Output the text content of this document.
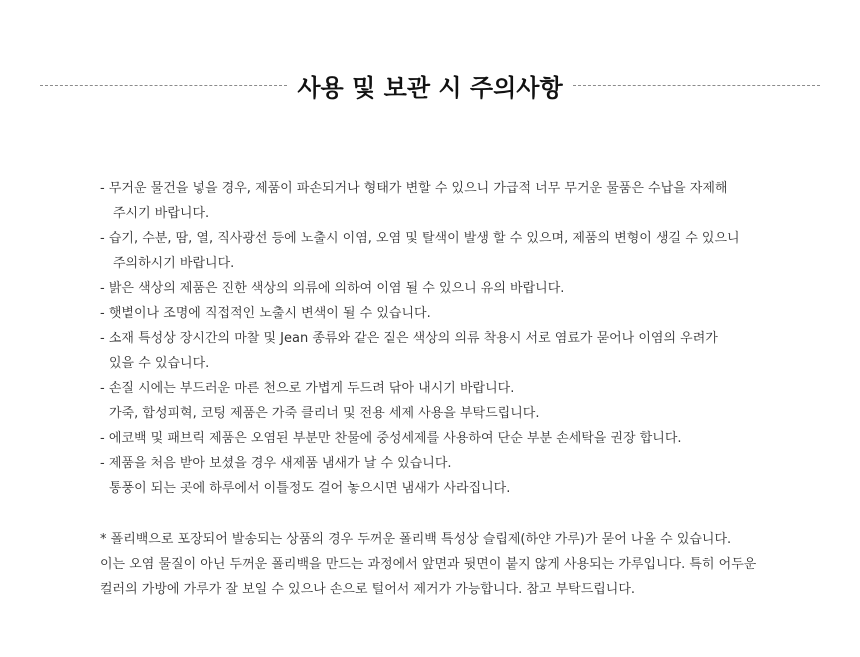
사용 및 보관 시 주의사항
- 무거운 물건을 넣을 경우, 제품이 파손되거나 형태가 변할 수 있으니 가급적 너무 무거운 물품은 수납을 자제해
주시기 바랍니다.
- 습기, 수분, 땀, 열, 직사광선 등에 노출시 이염, 오염 및 탈색이 발생 할 수 있으며, 제품의 변형이 생길 수 있으니
주의하시기 바랍니다.
- 밝은 색상의 제품은 진한 색상의 의류에 의하여 이염 될 수 있으니 유의 바랍니다.
- 햇볕이나 조명에 직접적인 노출시 변색이 될 수 있습니다.
- 소재 특성상 장시간의 마찰 및 Jean 종류와 같은 짙은 색상의 의류 착용시 서로 염료가 묻어나 이염의 우려가
있을 수 있습니다.
- 손질 시에는 부드러운 마른 천으로 가볍게 두드려 닦아 내시기 바랍니다.
가죽, 합성피혁, 코팅 제품은 가죽 클리너 및 전용 세제 사용을 부탁드립니다.
- 에코백 및 패브릭 제품은 오염된 부분만 찬물에 중성세제를 사용하여 단순 부분 손세탁을 권장 합니다.
- 제품을 처음 받아 보셨을 경우 새제품 냄새가 날 수 있습니다.
통풍이 되는 곳에 하루에서 이틀정도 걸어 놓으시면 냄새가 사라집니다.
* 폴리백으로 포장되어 발송되는 상품의 경우 두꺼운 폴리백 특성상 슬립제(하얀 가루)가 묻어 나올 수 있습니다.
이는 오염 물질이 아닌 두꺼운 폴리백을 만드는 과정에서 앞면과 뒷면이 붙지 않게 사용되는 가루입니다. 특히 어두운
컬러의 가방에 가루가 잘 보일 수 있으나 손으로 털어서 제거가 가능합니다. 참고 부탁드립니다.
